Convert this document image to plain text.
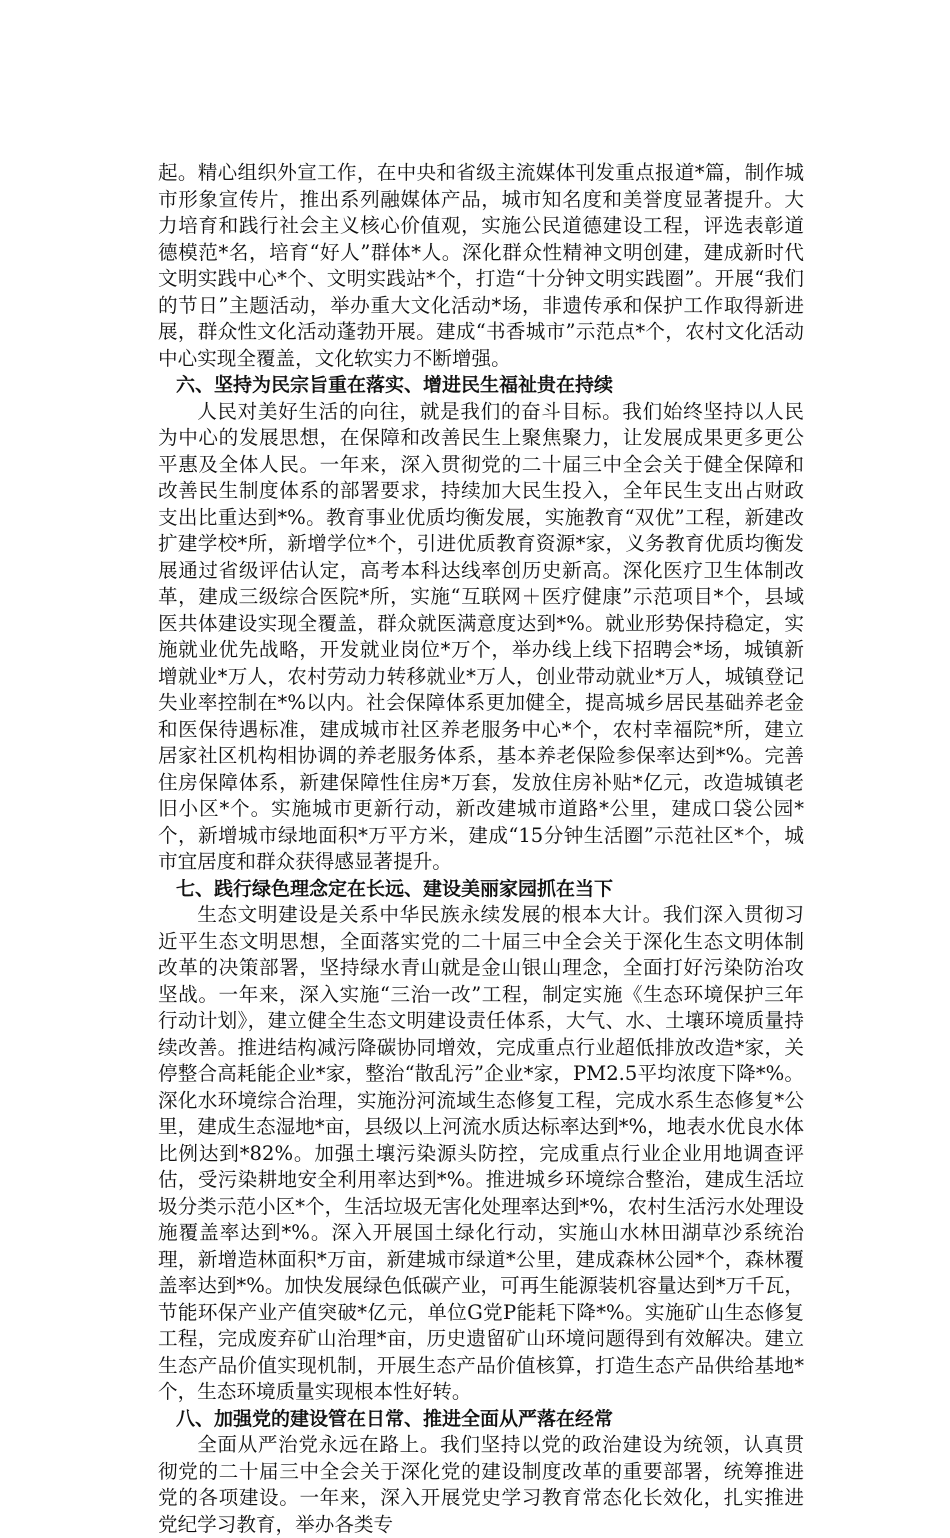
起。精心组织外宣工作，在中央和省级主流媒体刊发重点报道*篇，制作城市形象宣传片，推出系列融媒体产品，城市知名度和美誉度显著提升。大力培育和践行社会主义核心价值观，实施公民道德建设工程，评选表彰道德模范*名，培育“好人”群体*人。深化群众性精神文明创建，建成新时代文明实践中心*个、文明实践站*个，打造“十分钟文明实践圈”。开展“我们的节日”主题活动，举办重大文化活动*场，非遗传承和保护工作取得新进展，群众性文化活动蓬勃开展。建成“书香城市”示范点*个，农村文化活动中心实现全覆盖，文化软实力不断增强。

六、坚持为民宗旨重在落实、增进民生福祉贵在持续

人民对美好生活的向往，就是我们的奋斗目标。我们始终坚持以人民为中心的发展思想，在保障和改善民生上聚焦聚力，让发展成果更多更公平惠及全体人民。一年来，深入贯彻党的二十届三中全会关于健全保障和改善民生制度体系的部署要求，持续加大民生投入，全年民生支出占财政支出比重达到*%。教育事业优质均衡发展，实施教育“双优”工程，新建改扩建学校*所，新增学位*个，引进优质教育资源*家，义务教育优质均衡发展通过省级评估认定，高考本科达线率创历史新高。深化医疗卫生体制改革，建成三级综合医院*所，实施“互联网＋医疗健康”示范项目*个，县域医共体建设实现全覆盖，群众就医满意度达到*%。就业形势保持稳定，实施就业优先战略，开发就业岗位*万个，举办线上线下招聘会*场，城镇新增就业*万人，农村劳动力转移就业*万人，创业带动就业*万人，城镇登记失业率控制在*%以内。社会保障体系更加健全，提高城乡居民基础养老金和医保待遇标准，建成城市社区养老服务中心*个，农村幸福院*所，建立居家社区机构相协调的养老服务体系，基本养老保险参保率达到*%。完善住房保障体系，新建保障性住房*万套，发放住房补贴*亿元，改造城镇老旧小区*个。实施城市更新行动，新改建城市道路*公里，建成口袋公园*个，新增城市绿地面积*万平方米，建成“15分钟生活圈”示范社区*个，城市宜居度和群众获得感显著提升。

七、践行绿色理念定在长远、建设美丽家园抓在当下

生态文明建设是关系中华民族永续发展的根本大计。我们深入贯彻习近平生态文明思想，全面落实党的二十届三中全会关于深化生态文明体制改革的决策部署，坚持绿水青山就是金山银山理念，全面打好污染防治攻坚战。一年来，深入实施“三治一改”工程，制定实施《生态环境保护三年行动计划》，建立健全生态文明建设责任体系，大气、水、土壤环境质量持续改善。推进结构减污降碳协同增效，完成重点行业超低排放改造*家，关停整合高耗能企业*家，整治“散乱污”企业*家，PM2.5平均浓度下降*%。深化水环境综合治理，实施汾河流域生态修复工程，完成水系生态修复*公里，建成生态湿地*亩，县级以上河流水质达标率达到*%，地表水优良水体比例达到*82%。加强土壤污染源头防控，完成重点行业企业用地调查评估，受污染耕地安全利用率达到*%。推进城乡环境综合整治，建成生活垃圾分类示范小区*个，生活垃圾无害化处理率达到*%，农村生活污水处理设施覆盖率达到*%。深入开展国土绿化行动，实施山水林田湖草沙系统治理，新增造林面积*万亩，新建城市绿道*公里，建成森林公园*个，森林覆盖率达到*%。加快发展绿色低碳产业，可再生能源装机容量达到*万千瓦，节能环保产业产值突破*亿元，单位G党P能耗下降*%。实施矿山生态修复工程，完成废弃矿山治理*亩，历史遗留矿山环境问题得到有效解决。建立生态产品价值实现机制，开展生态产品价值核算，打造生态产品供给基地*个，生态环境质量实现根本性好转。

八、加强党的建设管在日常、推进全面从严落在经常

全面从严治党永远在路上。我们坚持以党的政治建设为统领，认真贯彻党的二十届三中全会关于深化党的建设制度改革的重要部署，统筹推进党的各项建设。一年来，深入开展党史学习教育常态化长效化，扎实推进党纪学习教育，举办各类专
